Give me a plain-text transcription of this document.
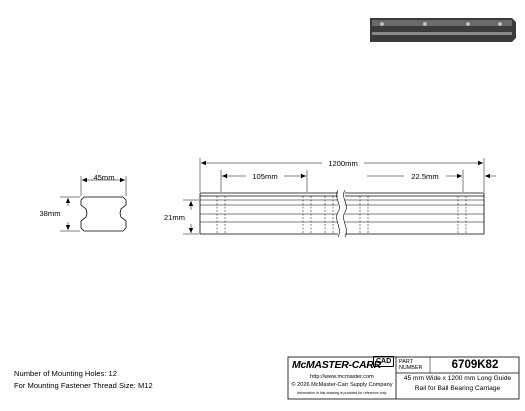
45mm
38mm
1200mm
105mm	22.5mm
21mm
Number of Mounting Holes: 12
For Mounting Fastener Thread Size: M12
McMASTER-CARR
CAD
http://www.mcmaster.com
© 2026 McMaster-Carr Supply Company
Information in this drawing is provided for reference only.
PART
NUMBER	6709K82
45 mm Wide x 1200 mm Long Guide
Rail for Ball Bearing Carriage
